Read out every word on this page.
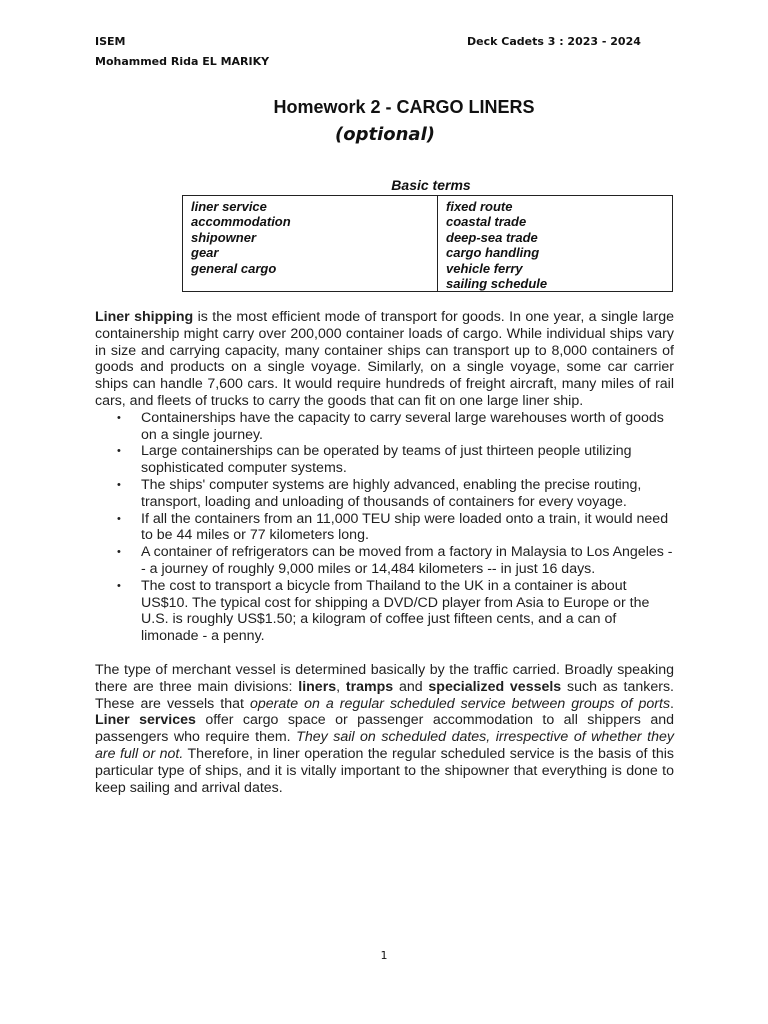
ISEM
Mohammed Rida EL MARIKY
Deck Cadets 3 : 2023 - 2024
Homework 2 - CARGO LINERS
(optional)
Basic terms
liner service
accommodation
shipowner
gear
general cargo
fixed route
coastal trade
deep-sea trade
cargo handling
vehicle ferry
sailing schedule

Liner shipping is the most efficient mode of transport for goods. In one year, a single large containership might carry over 200,000 container loads of cargo. While individual ships vary in size and carrying capacity, many container ships can transport up to 8,000 containers of goods and products on a single voyage. Similarly, on a single voyage, some car carrier ships can handle 7,600 cars. It would require hundreds of freight aircraft, many miles of rail cars, and fleets of trucks to carry the goods that can fit on one large liner ship.

• Containerships have the capacity to carry several large warehouses worth of goods on a single journey.
• Large containerships can be operated by teams of just thirteen people utilizing sophisticated computer systems.
• The ships' computer systems are highly advanced, enabling the precise routing, transport, loading and unloading of thousands of containers for every voyage.
• If all the containers from an 11,000 TEU ship were loaded onto a train, it would need to be 44 miles or 77 kilometers long.
• A container of refrigerators can be moved from a factory in Malaysia to Los Angeles -- a journey of roughly 9,000 miles or 14,484 kilometers -- in just 16 days.
• The cost to transport a bicycle from Thailand to the UK in a container is about US$10. The typical cost for shipping a DVD/CD player from Asia to Europe or the U.S. is roughly US$1.50; a kilogram of coffee just fifteen cents, and a can of limonade - a penny.

The type of merchant vessel is determined basically by the traffic carried. Broadly speaking there are three main divisions: liners, tramps and specialized vessels such as tankers. These are vessels that operate on a regular scheduled service between groups of ports. Liner services offer cargo space or passenger accommodation to all shippers and passengers who require them. They sail on scheduled dates, irrespective of whether they are full or not. Therefore, in liner operation the regular scheduled service is the basis of this particular type of ships, and it is vitally important to the shipowner that everything is done to keep sailing and arrival dates.

1
